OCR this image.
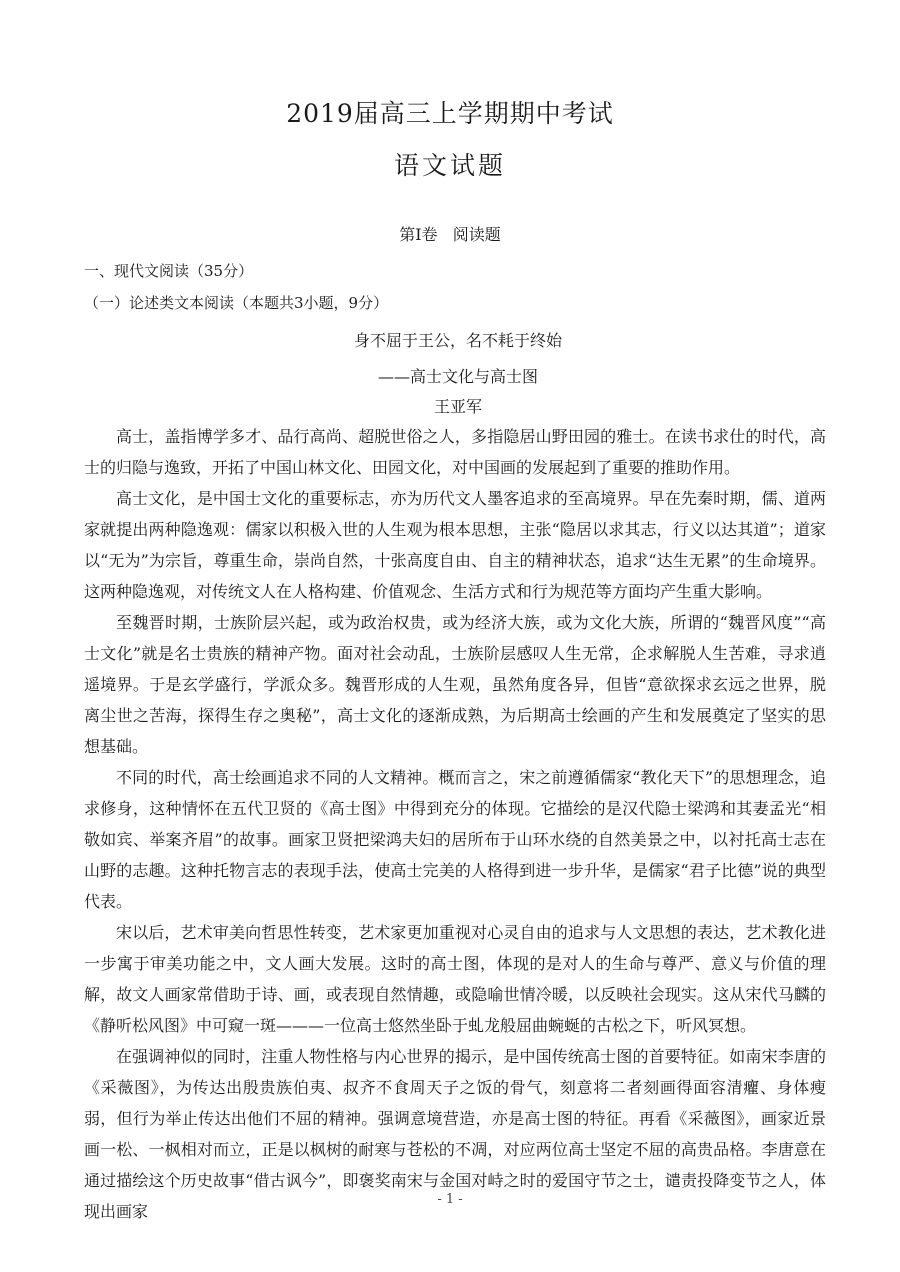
2019届高三上学期期中考试
语文试题
第Ⅰ卷   阅读题
一、现代文阅读（35分）
（一）论述类文本阅读（本题共3小题，9分）
身不屈于王公，名不耗于终始
——高士文化与高士图
王亚军

高士，盖指博学多才、品行高尚、超脱世俗之人，多指隐居山野田园的雅士。在读书求仕的时代，高士的归隐与逸致，开拓了中国山林文化、田园文化，对中国画的发展起到了重要的推助作用。

高士文化，是中国士文化的重要标志，亦为历代文人墨客追求的至高境界。早在先秦时期，儒、道两家就提出两种隐逸观：儒家以积极入世的人生观为根本思想，主张“隐居以求其志，行义以达其道”；道家以“无为”为宗旨，尊重生命，崇尚自然，十张高度自由、自主的精神状态，追求“达生无累”的生命境界。这两种隐逸观，对传统文人在人格构建、价值观念、生活方式和行为规范等方面均产生重大影响。

至魏晋时期，士族阶层兴起，或为政治权贵，或为经济大族，或为文化大族，所谓的“魏晋风度”“高士文化”就是名士贵族的精神产物。面对社会动乱，士族阶层感叹人生无常，企求解脱人生苦难，寻求逍遥境界。于是玄学盛行，学派众多。魏晋形成的人生观，虽然角度各异，但皆“意欲探求玄远之世界，脱离尘世之苦海，探得生存之奥秘”，高士文化的逐渐成熟，为后期高士绘画的产生和发展奠定了坚实的思想基础。

不同的时代，高士绘画追求不同的人文精神。概而言之，宋之前遵循儒家“教化天下”的思想理念，追求修身，这种情怀在五代卫贤的《高士图》中得到充分的体现。它描绘的是汉代隐士梁鸿和其妻孟光“相敬如宾、举案齐眉”的故事。画家卫贤把梁鸿夫妇的居所布于山环水绕的自然美景之中，以衬托高士志在山野的志趣。这种托物言志的表现手法，使高士完美的人格得到进一步升华，是儒家“君子比德”说的典型代表。

宋以后，艺术审美向哲思性转变，艺术家更加重视对心灵自由的追求与人文思想的表达，艺术教化进一步寓于审美功能之中，文人画大发展。这时的高士图，体现的是对人的生命与尊严、意义与价值的理解，故文人画家常借助于诗、画，或表现自然情趣，或隐喻世情冷暖，以反映社会现实。这从宋代马麟的《静听松风图》中可窥一斑———一位高士悠然坐卧于虬龙般屈曲蜿蜒的古松之下，听风冥想。

在强调神似的同时，注重人物性格与内心世界的揭示，是中国传统高士图的首要特征。如南宋李唐的《采薇图》，为传达出殷贵族伯夷、叔齐不食周天子之饭的骨气，刻意将二者刻画得面容清癯、身体瘦弱，但行为举止传达出他们不屈的精神。强调意境营造，亦是高士图的特征。再看《采薇图》，画家近景画一松、一枫相对而立，正是以枫树的耐寒与苍松的不凋，对应两位高士坚定不屈的高贵品格。李唐意在通过描绘这个历史故事“借古讽今”，即褒奖南宋与金国对峙之时的爱国守节之士，谴责投降变节之人，体现出画家

- 1 -
